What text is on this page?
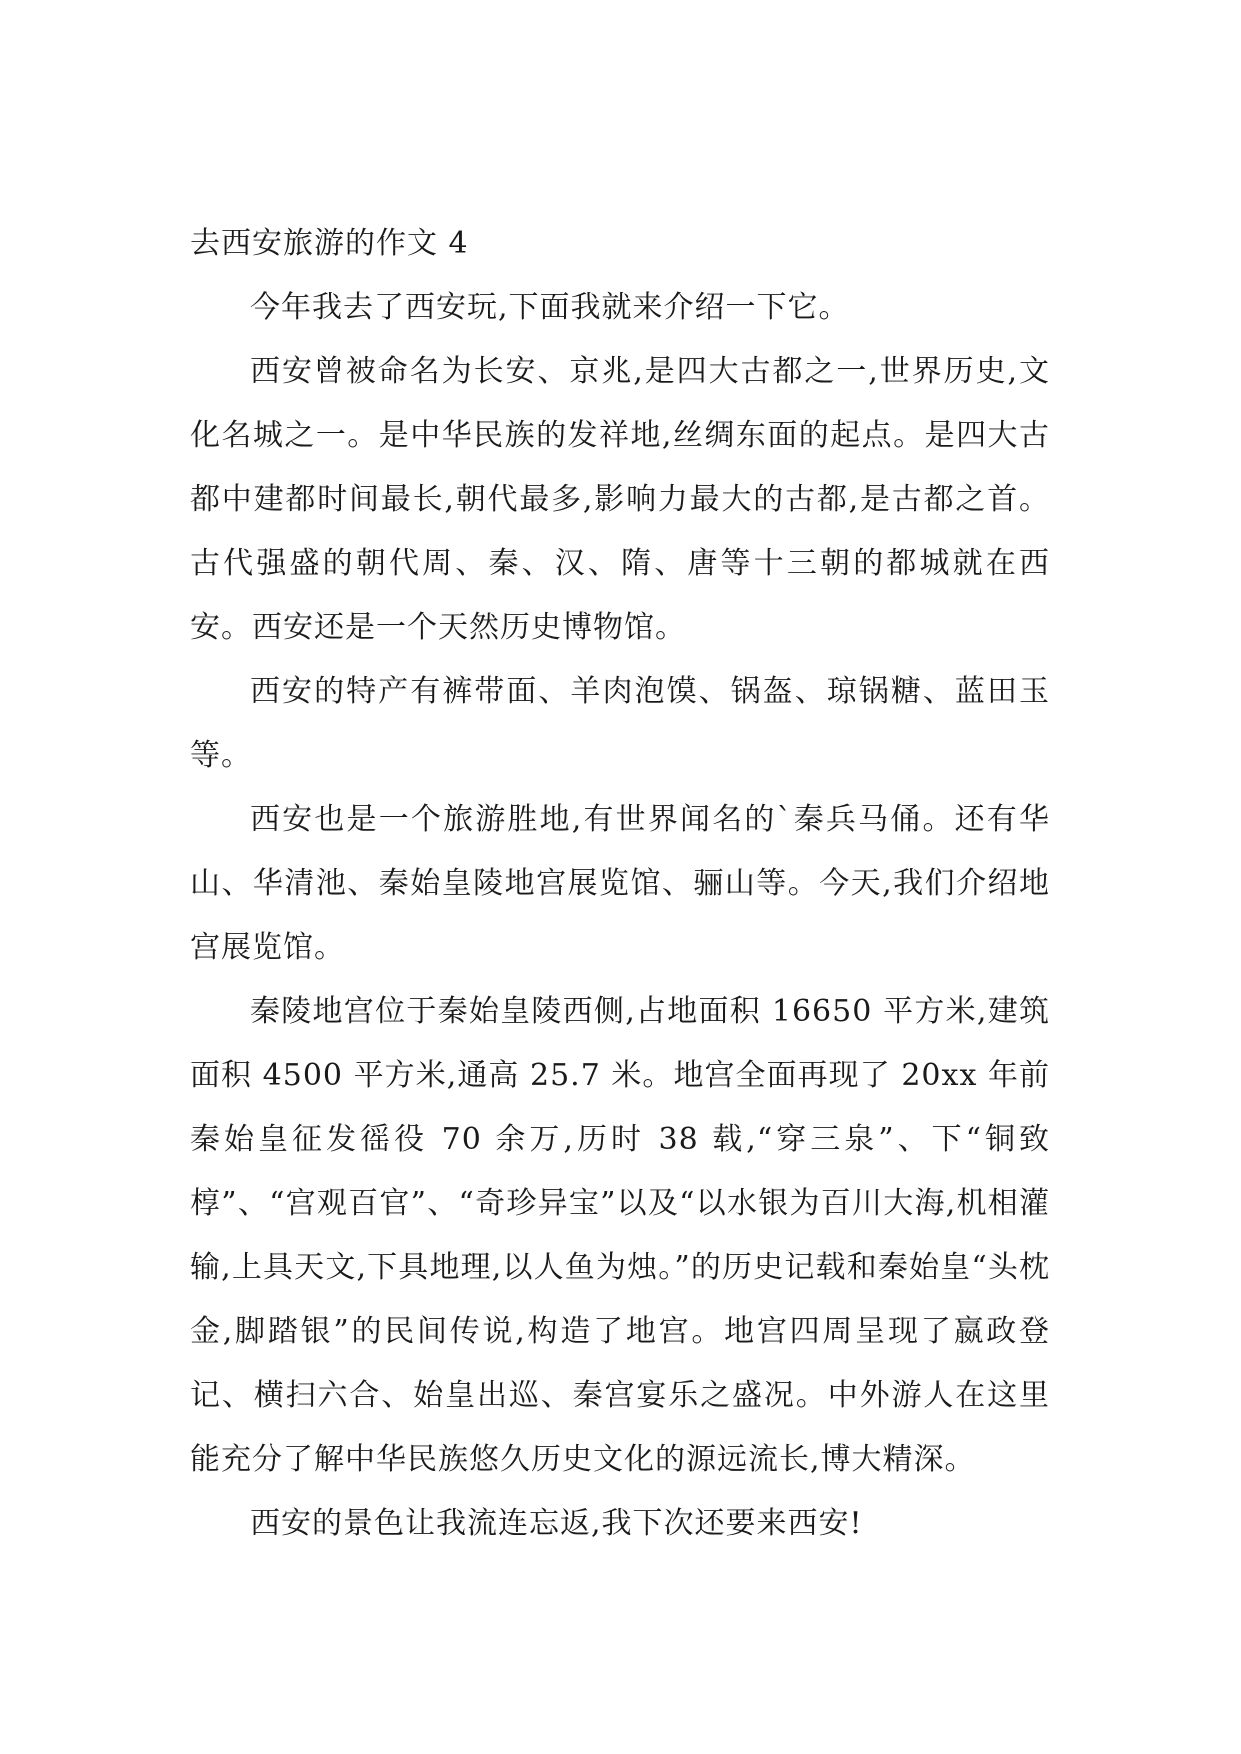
去西安旅游的作文 4

今年我去了西安玩,下面我就来介绍一下它。

西安曾被命名为长安、京兆,是四大古都之一,世界历史,文化名城之一。是中华民族的发祥地,丝绸东面的起点。是四大古都中建都时间最长,朝代最多,影响力最大的古都,是古都之首。古代强盛的朝代周、秦、汉、隋、唐等十三朝的都城就在西安。西安还是一个天然历史博物馆。

西安的特产有裤带面、羊肉泡馍、锅盔、琼锅糖、蓝田玉等。

西安也是一个旅游胜地,有世界闻名的`秦兵马俑。还有华山、华清池、秦始皇陵地宫展览馆、骊山等。今天,我们介绍地宫展览馆。

秦陵地宫位于秦始皇陵西侧,占地面积 16650 平方米,建筑面积 4500 平方米,通高 25.7 米。地宫全面再现了 20xx 年前秦始皇征发徭役 70 余万,历时 38 载,“穿三泉”、下“铜致椁”、“宫观百官”、“奇珍异宝”以及“以水银为百川大海,机相灌输,上具天文,下具地理,以人鱼为烛。”的历史记载和秦始皇“头枕金,脚踏银”的民间传说,构造了地宫。地宫四周呈现了嬴政登记、横扫六合、始皇出巡、秦宫宴乐之盛况。中外游人在这里能充分了解中华民族悠久历史文化的源远流长,博大精深。

西安的景色让我流连忘返,我下次还要来西安!
